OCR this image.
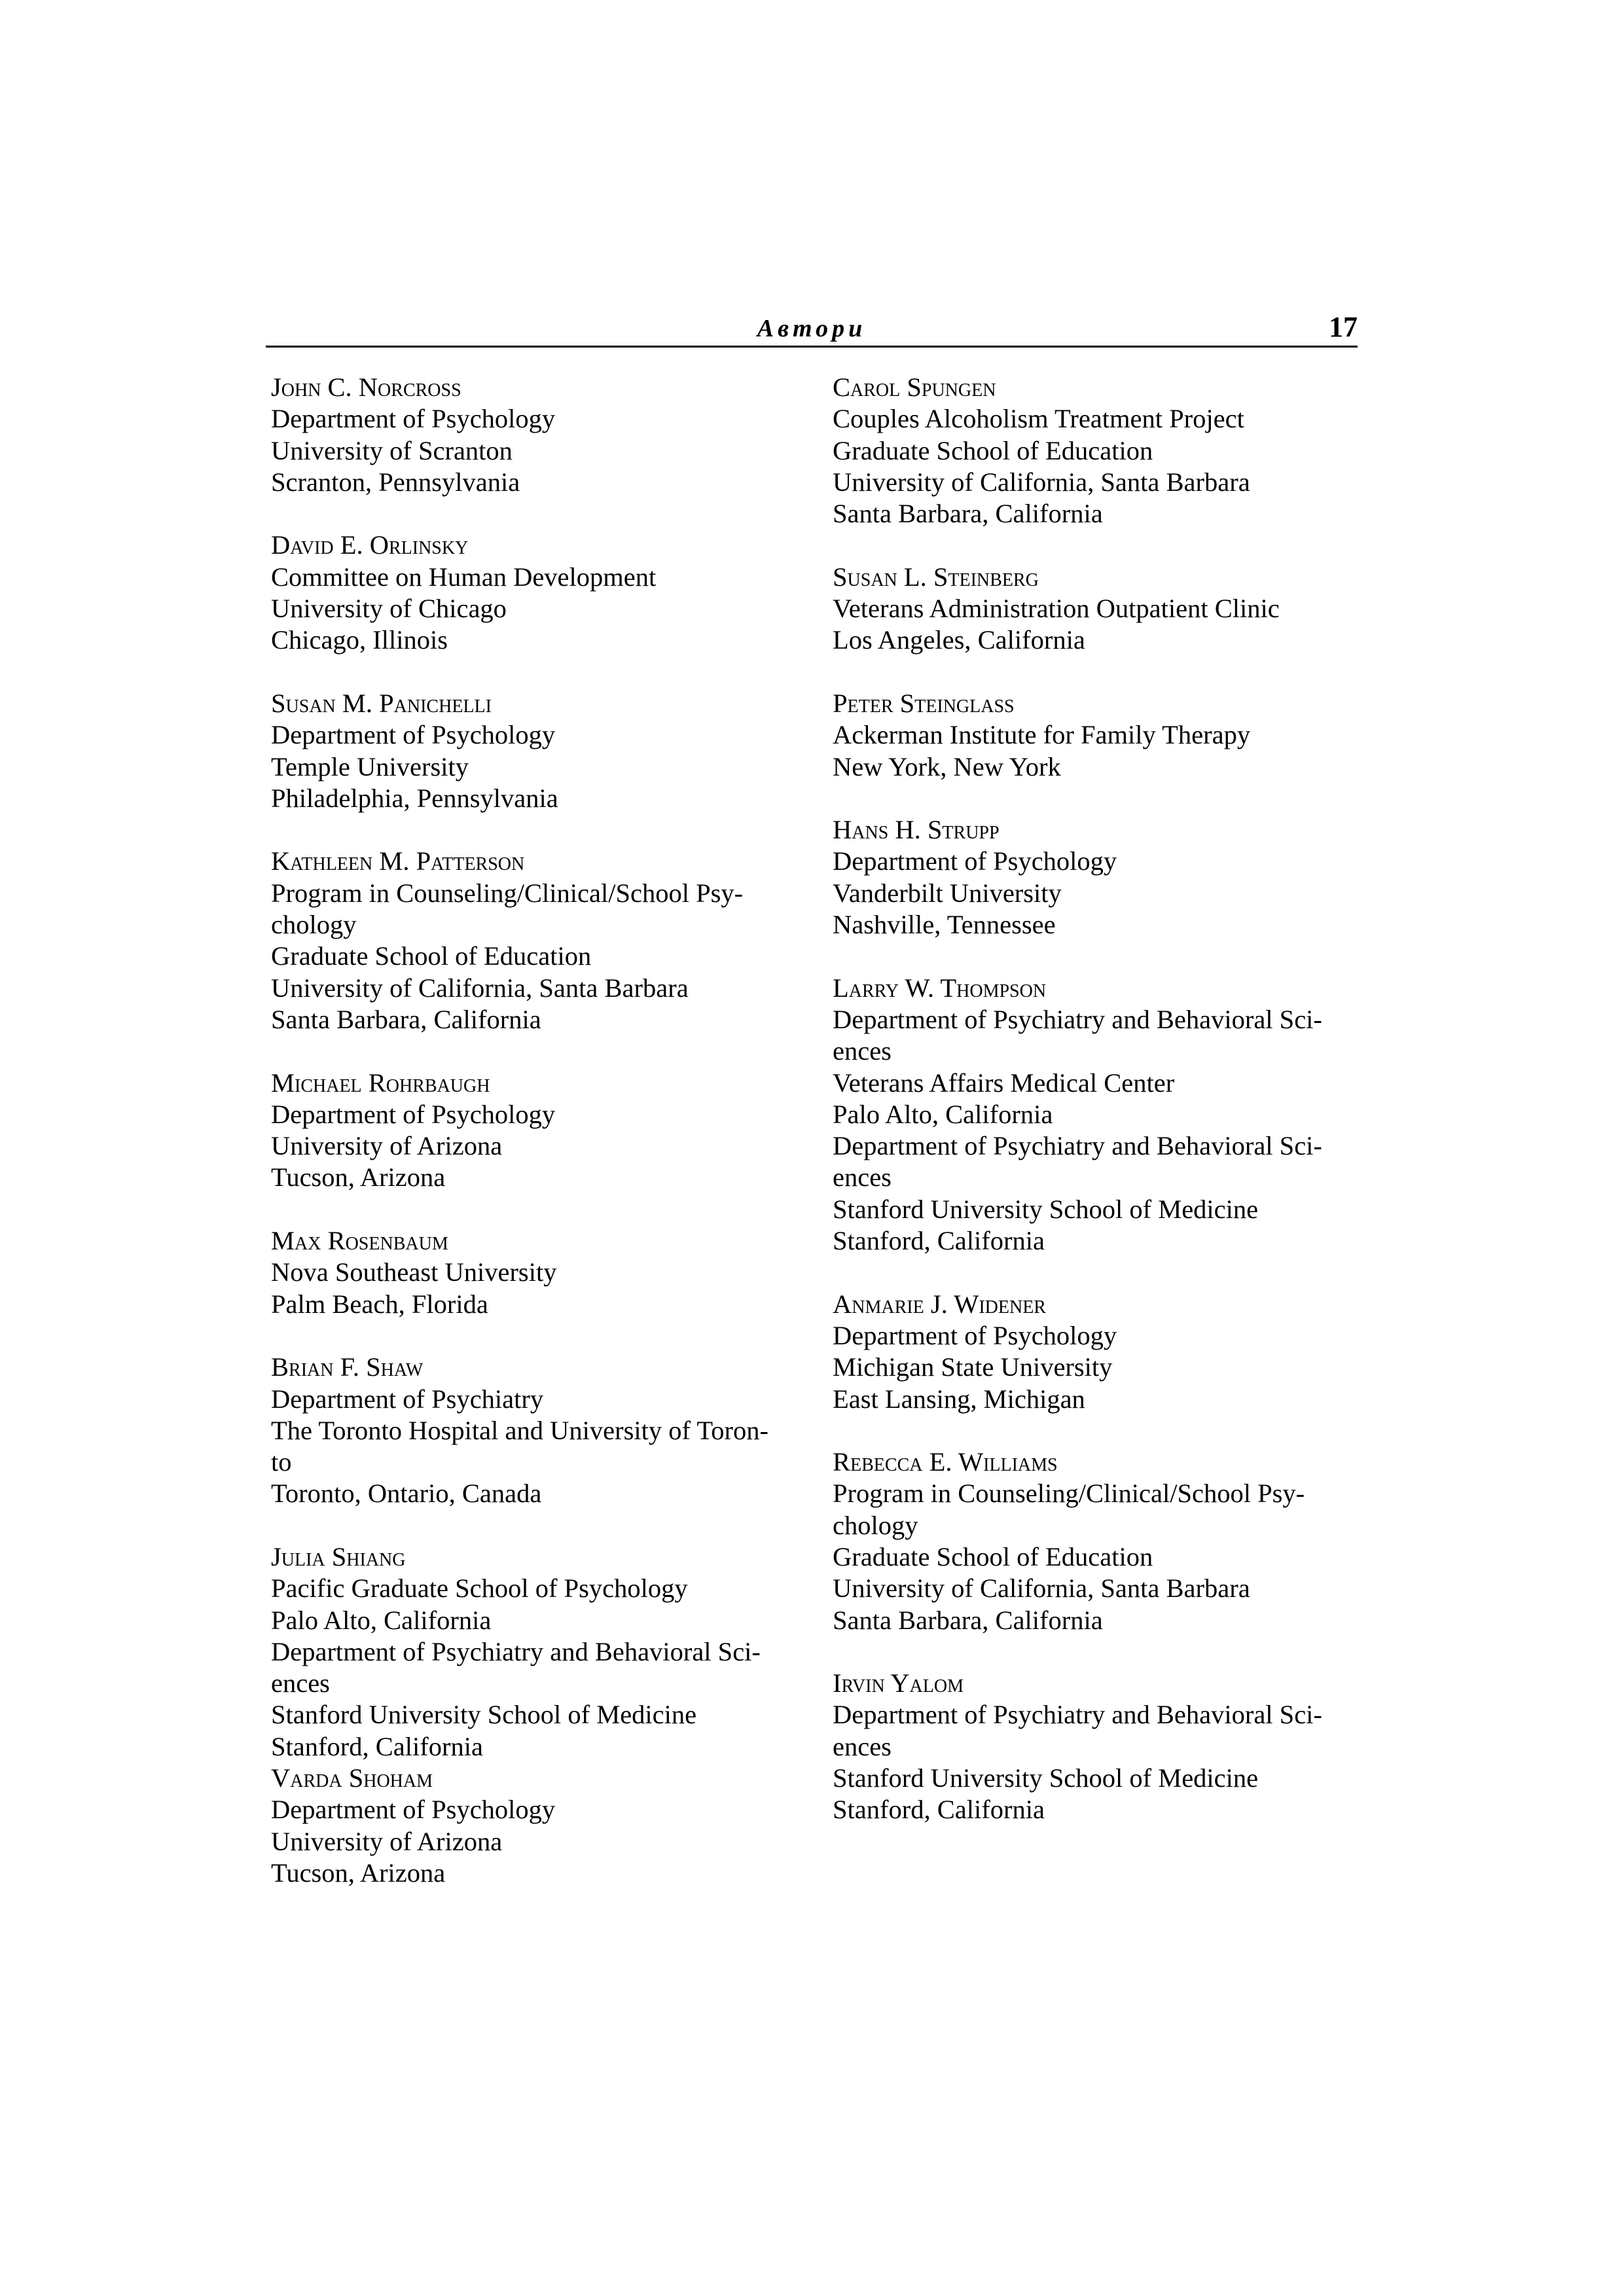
Автори	17
John C. Norcross
Department of Psychology
University of Scranton
Scranton, Pennsylvania
David E. Orlinsky
Committee on Human Development
University of Chicago
Chicago, Illinois
Susan M. Panichelli
Department of Psychology
Temple University
Philadelphia, Pennsylvania
Kathleen M. Patterson
Program in Counseling/Clinical/School Psy-
chology
Graduate School of Education
University of California, Santa Barbara
Santa Barbara, California
Michael Rohrbaugh
Department of Psychology
University of Arizona
Tucson, Arizona
Max Rosenbaum
Nova Southeast University
Palm Beach, Florida
Brian F. Shaw
Department of Psychiatry
The Toronto Hospital and University of Toron-
to
Toronto, Ontario, Canada
Julia Shiang
Pacific Graduate School of Psychology
Palo Alto, California
Department of Psychiatry and Behavioral Sci-
ences
Stanford University School of Medicine
Stanford, California
Varda Shoham
Department of Psychology
University of Arizona
Tucson, Arizona
Carol Spungen
Couples Alcoholism Treatment Project
Graduate School of Education
University of California, Santa Barbara
Santa Barbara, California
Susan L. Steinberg
Veterans Administration Outpatient Clinic
Los Angeles, California
Peter Steinglass
Ackerman Institute for Family Therapy
New York, New York
Hans H. Strupp
Department of Psychology
Vanderbilt University
Nashville, Tennessee
Larry W. Thompson
Department of Psychiatry and Behavioral Sci-
ences
Veterans Affairs Medical Center
Palo Alto, California
Department of Psychiatry and Behavioral Sci-
ences
Stanford University School of Medicine
Stanford, California
Anmarie J. Widener
Department of Psychology
Michigan State University
East Lansing, Michigan
Rebecca E. Williams
Program in Counseling/Clinical/School Psy-
chology
Graduate School of Education
University of California, Santa Barbara
Santa Barbara, California
Irvin Yalom
Department of Psychiatry and Behavioral Sci-
ences
Stanford University School of Medicine
Stanford, California
